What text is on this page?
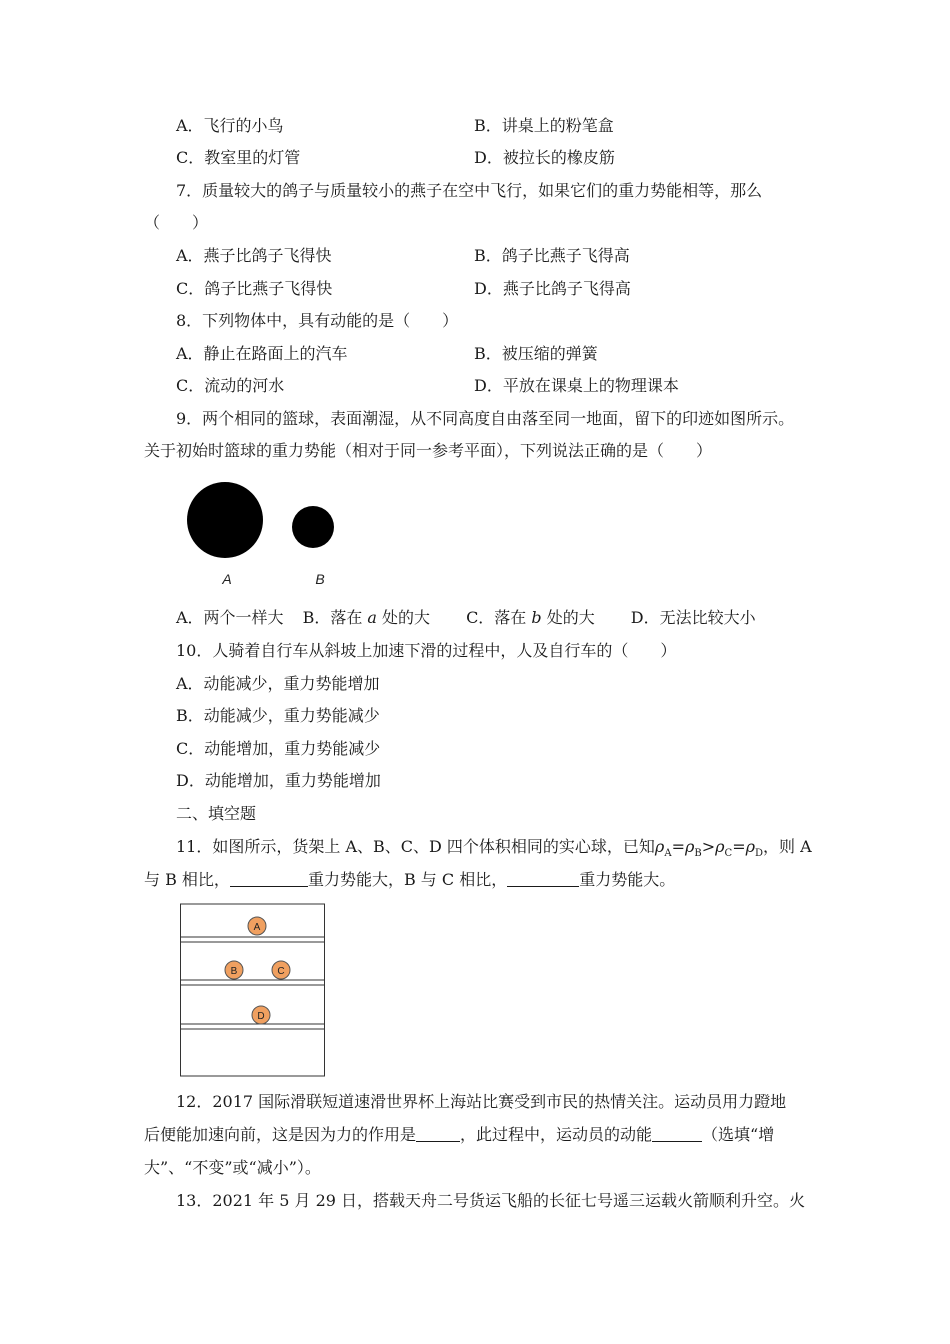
A．飞行的小鸟	B．讲桌上的粉笔盒
C．教室里的灯管	D．被拉长的橡皮筋
7．质量较大的鸽子与质量较小的燕子在空中飞行，如果它们的重力势能相等，那么
（　　）
A．燕子比鸽子飞得快	B．鸽子比燕子飞得高
C．鸽子比燕子飞得快	D．燕子比鸽子飞得高
8．下列物体中，具有动能的是（　　）
A．静止在路面上的汽车	B．被压缩的弹簧
C．流动的河水	D．平放在课桌上的物理课本
9．两个相同的篮球，表面潮湿，从不同高度自由落至同一地面，留下的印迹如图所示。
关于初始时篮球的重力势能（相对于同一参考平面），下列说法正确的是（　　）
A	B
A．两个一样大 B．落在 a 处的大 C．落在 b 处的大 D．无法比较大小
10．人骑着自行车从斜坡上加速下滑的过程中，人及自行车的（　　）
A．动能减少，重力势能增加
B．动能减少，重力势能减少
C．动能增加，重力势能减少
D．动能增加，重力势能增加
二、填空题
11．如图所示，货架上 A、B、C、D 四个体积相同的实心球，已知$\rho_A=\rho_B>\rho_C=\rho_D$，则 A
与 B 相比，	重力势能大，B 与 C 相比，	重力势能大。
A
B	C
D
12．2017 国际滑联短道速滑世界杯上海站比赛受到市民的热情关注。运动员用力蹬地
后便能加速向前，这是因为力的作用是	，此过程中，运动员的动能	（选填“增
大”、“不变”或“减小”）。
13．2021 年 5 月 29 日，搭载天舟二号货运飞船的长征七号遥三运载火箭顺利升空。火
